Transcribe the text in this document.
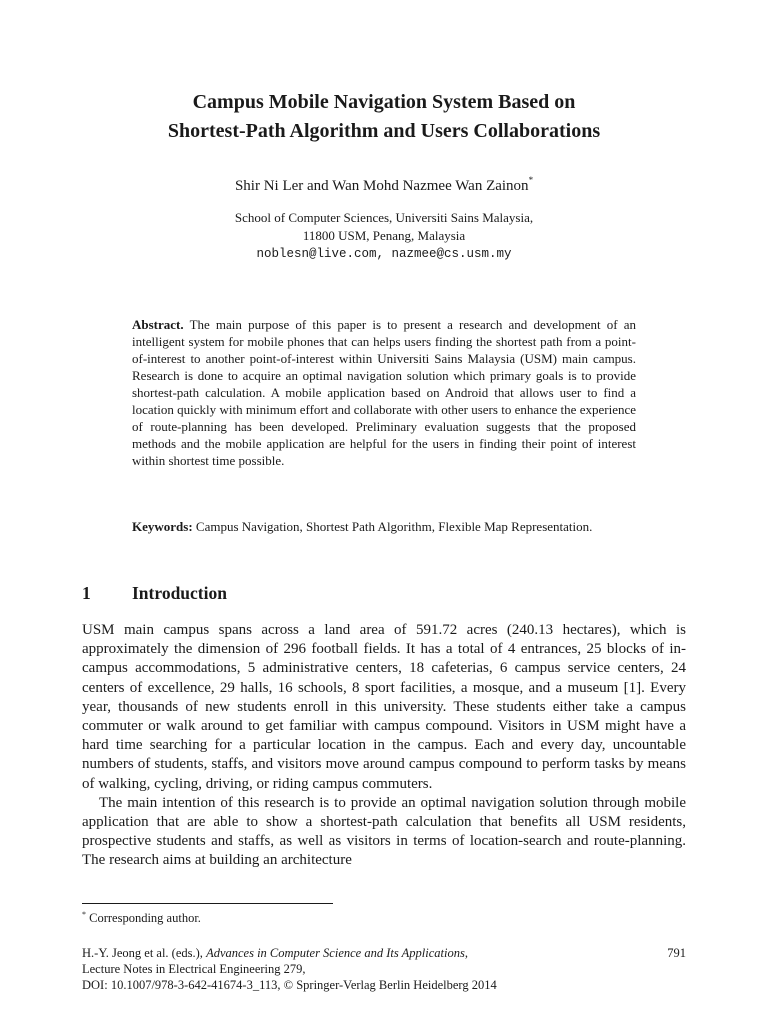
Campus Mobile Navigation System Based on
Shortest-Path Algorithm and Users Collaborations
Shir Ni Ler and Wan Mohd Nazmee Wan Zainon*
School of Computer Sciences, Universiti Sains Malaysia,
11800 USM, Penang, Malaysia
noblesn@live.com, nazmee@cs.usm.my
Abstract. The main purpose of this paper is to present a research and development of an intelligent system for mobile phones that can helps users finding the shortest path from a point-of-interest to another point-of-interest within Universiti Sains Malaysia (USM) main campus. Research is done to acquire an optimal navigation solution which primary goals is to provide shortest-path calculation. A mobile application based on Android that allows user to find a location quickly with minimum effort and collaborate with other users to enhance the experience of route-planning has been developed. Preliminary evaluation suggests that the proposed methods and the mobile application are helpful for the users in finding their point of interest within shortest time possible.
Keywords: Campus Navigation, Shortest Path Algorithm, Flexible Map Representation.
1 Introduction

USM main campus spans across a land area of 591.72 acres (240.13 hectares), which is approximately the dimension of 296 football fields. It has a total of 4 entrances, 25 blocks of in-campus accommodations, 5 administrative centers, 18 cafeterias, 6 campus service centers, 24 centers of excellence, 29 halls, 16 schools, 8 sport facilities, a mosque, and a museum [1]. Every year, thousands of new students enroll in this university. These students either take a campus commuter or walk around to get familiar with campus compound. Visitors in USM might have a hard time searching for a particular location in the campus. Each and every day, uncountable numbers of students, staffs, and visitors move around campus compound to perform tasks by means of walking, cycling, driving, or riding campus commuters.

The main intention of this research is to provide an optimal navigation solution through mobile application that are able to show a shortest-path calculation that benefits all USM residents, prospective students and staffs, as well as visitors in terms of location-search and route-planning. The research aims at building an architecture

* Corresponding author.
H.-Y. Jeong et al. (eds.), Advances in Computer Science and Its Applications,
Lecture Notes in Electrical Engineering 279,
DOI: 10.1007/978-3-642-41674-3_113, © Springer-Verlag Berlin Heidelberg 2014
791
